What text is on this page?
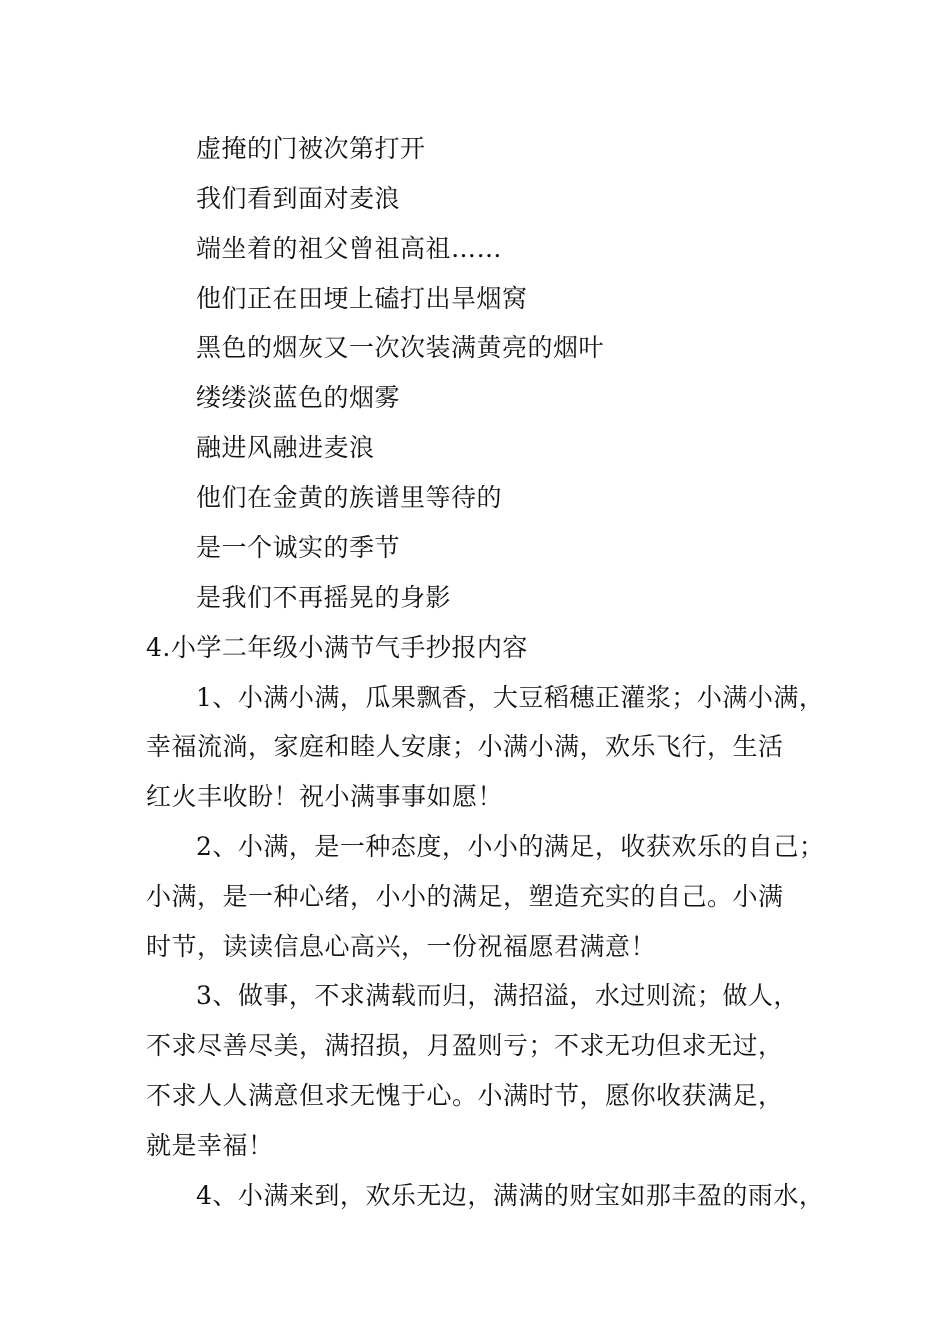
虚掩的门被次第打开
我们看到面对麦浪
端坐着的祖父曾祖高祖……
他们正在田埂上磕打出旱烟窝
黑色的烟灰又一次次装满黄亮的烟叶
缕缕淡蓝色的烟雾
融进风融进麦浪
他们在金黄的族谱里等待的
是一个诚实的季节
是我们不再摇晃的身影
4.小学二年级小满节气手抄报内容
1、小满小满，瓜果飘香，大豆稻穗正灌浆；小满小满，
幸福流淌，家庭和睦人安康；小满小满，欢乐飞行，生活
红火丰收盼！祝小满事事如愿！
2、小满，是一种态度，小小的满足，收获欢乐的自己；
小满，是一种心绪，小小的满足，塑造充实的自己。小满
时节，读读信息心高兴，一份祝福愿君满意！
3、做事，不求满载而归，满招溢，水过则流；做人，
不求尽善尽美，满招损，月盈则亏；不求无功但求无过，
不求人人满意但求无愧于心。小满时节，愿你收获满足，
就是幸福！
4、小满来到，欢乐无边，满满的财宝如那丰盈的雨水，
